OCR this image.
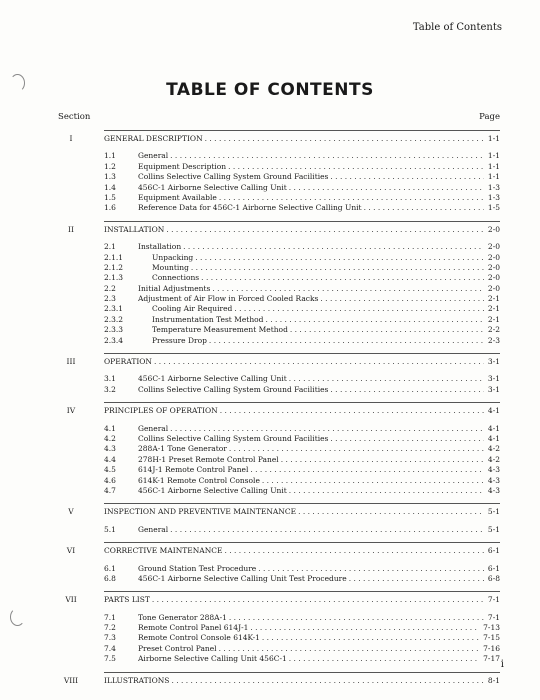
Table of Contents
TABLE OF CONTENTS
Section	Page
I	GENERAL DESCRIPTION . . .	1-1
1.1	General . . .	1-1
1.2	Equipment Description . . .	1-1
1.3	Collins Selective Calling System Ground Facilities . . .	1-1
1.4	456C-1 Airborne Selective Calling Unit . . .	1-3
1.5	Equipment Available . . .	1-3
1.6	Reference Data for 456C-1 Airborne Selective Calling Unit . . .	1-5
II	INSTALLATION . . .	2-0
2.1	Installation . . .	2-0
2.1.1	Unpacking . . .	2-0
2.1.2	Mounting . . .	2-0
2.1.3	Connections . . .	2-0
2.2	Initial Adjustments . . .	2-0
2.3	Adjustment of Air Flow in Forced Cooled Racks . . .	2-1
2.3.1	Cooling Air Required . . .	2-1
2.3.2	Instrumentation Test Method . . .	2-1
2.3.3	Temperature Measurement Method . . .	2-2
2.3.4	Pressure Drop . . .	2-3
III	OPERATION . . .	3-1
3.1	456C-1 Airborne Selective Calling Unit . . .	3-1
3.2	Collins Selective Calling System Ground Facilities . . .	3-1
IV	PRINCIPLES OF OPERATION . . .	4-1
4.1	General . . .	4-1
4.2	Collins Selective Calling System Ground Facilities . . .	4-1
4.3	288A-1 Tone Generator . . .	4-2
4.4	278H-1 Preset Remote Control Panel . . .	4-2
4.5	614J-1 Remote Control Panel . . .	4-3
4.6	614K-1 Remote Control Console . . .	4-3
4.7	456C-1 Airborne Selective Calling Unit . . .	4-3
V	INSPECTION AND PREVENTIVE MAINTENANCE . . .	5-1
5.1	General . . .	5-1
VI	CORRECTIVE MAINTENANCE . . .	6-1
6.1	Ground Station Test Procedure . . .	6-1
6.8	456C-1 Airborne Selective Calling Unit Test Procedure . . .	6-8
VII	PARTS LIST . . .	7-1
7.1	Tone Generator 288A-1 . . .	7-1
7.2	Remote Control Panel 614J-1 . . .	7-13
7.3	Remote Control Console 614K-1 . . .	7-15
7.4	Preset Control Panel . . .	7-16
7.5	Airborne Selective Calling Unit 456C-1 . . .	7-17
VIII	ILLUSTRATIONS . . .	8-1
i
